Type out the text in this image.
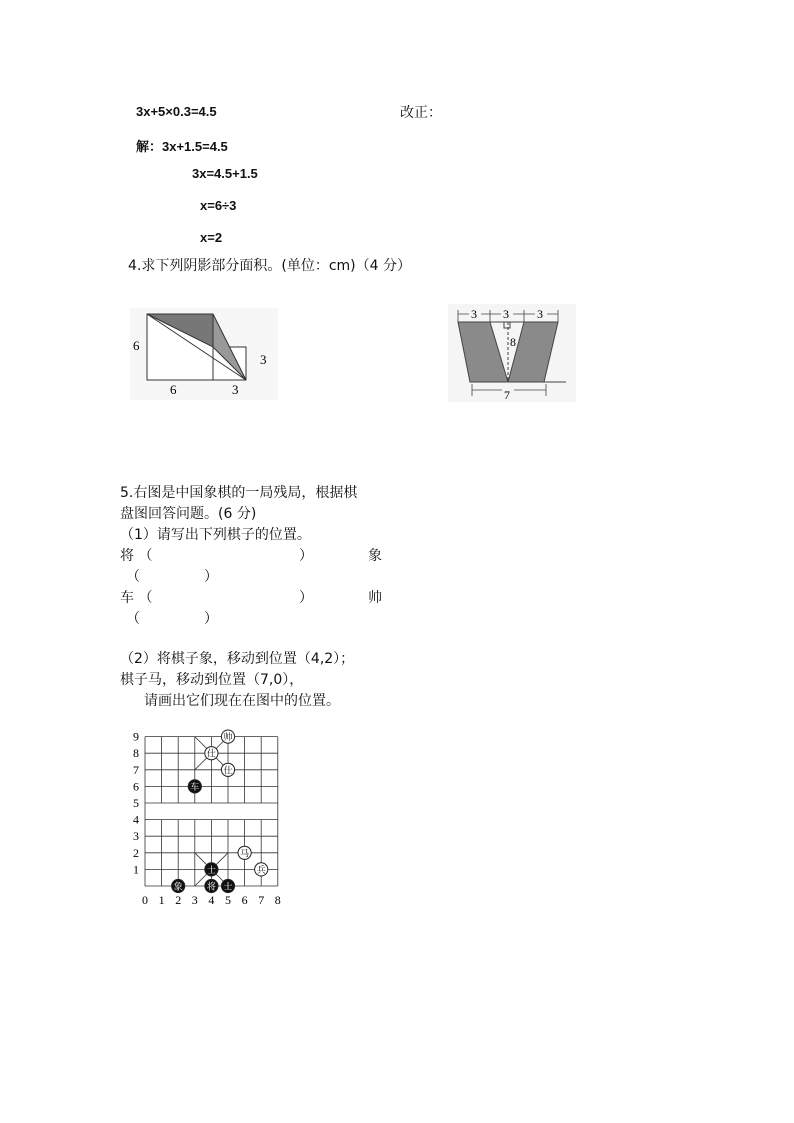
3x+5×0.3=4.5	改正：
解：3x+1.5=4.5
3x=4.5+1.5
x=6÷3
x=2
4.求下列阴影部分面积。(单位：cm)（4 分）
6
6	3
3
3 3 3
8
7
5.右图是中国象棋的一局残局，根据棋
盘图回答问题。(6 分)
（1）请写出下列棋子的位置。
将 （	）	象
（	）
车 （	）	帅
（	）
（2）将棋子象，移动到位置（4,2）；
棋子马，移动到位置（7,0），
请画出它们现在在图中的位置。
0 1 2 3 4 5 6 7 8
1
2
3
4
5
6
7
8
9	帅
仕
仕
车
马
兵
士
象	将 士
